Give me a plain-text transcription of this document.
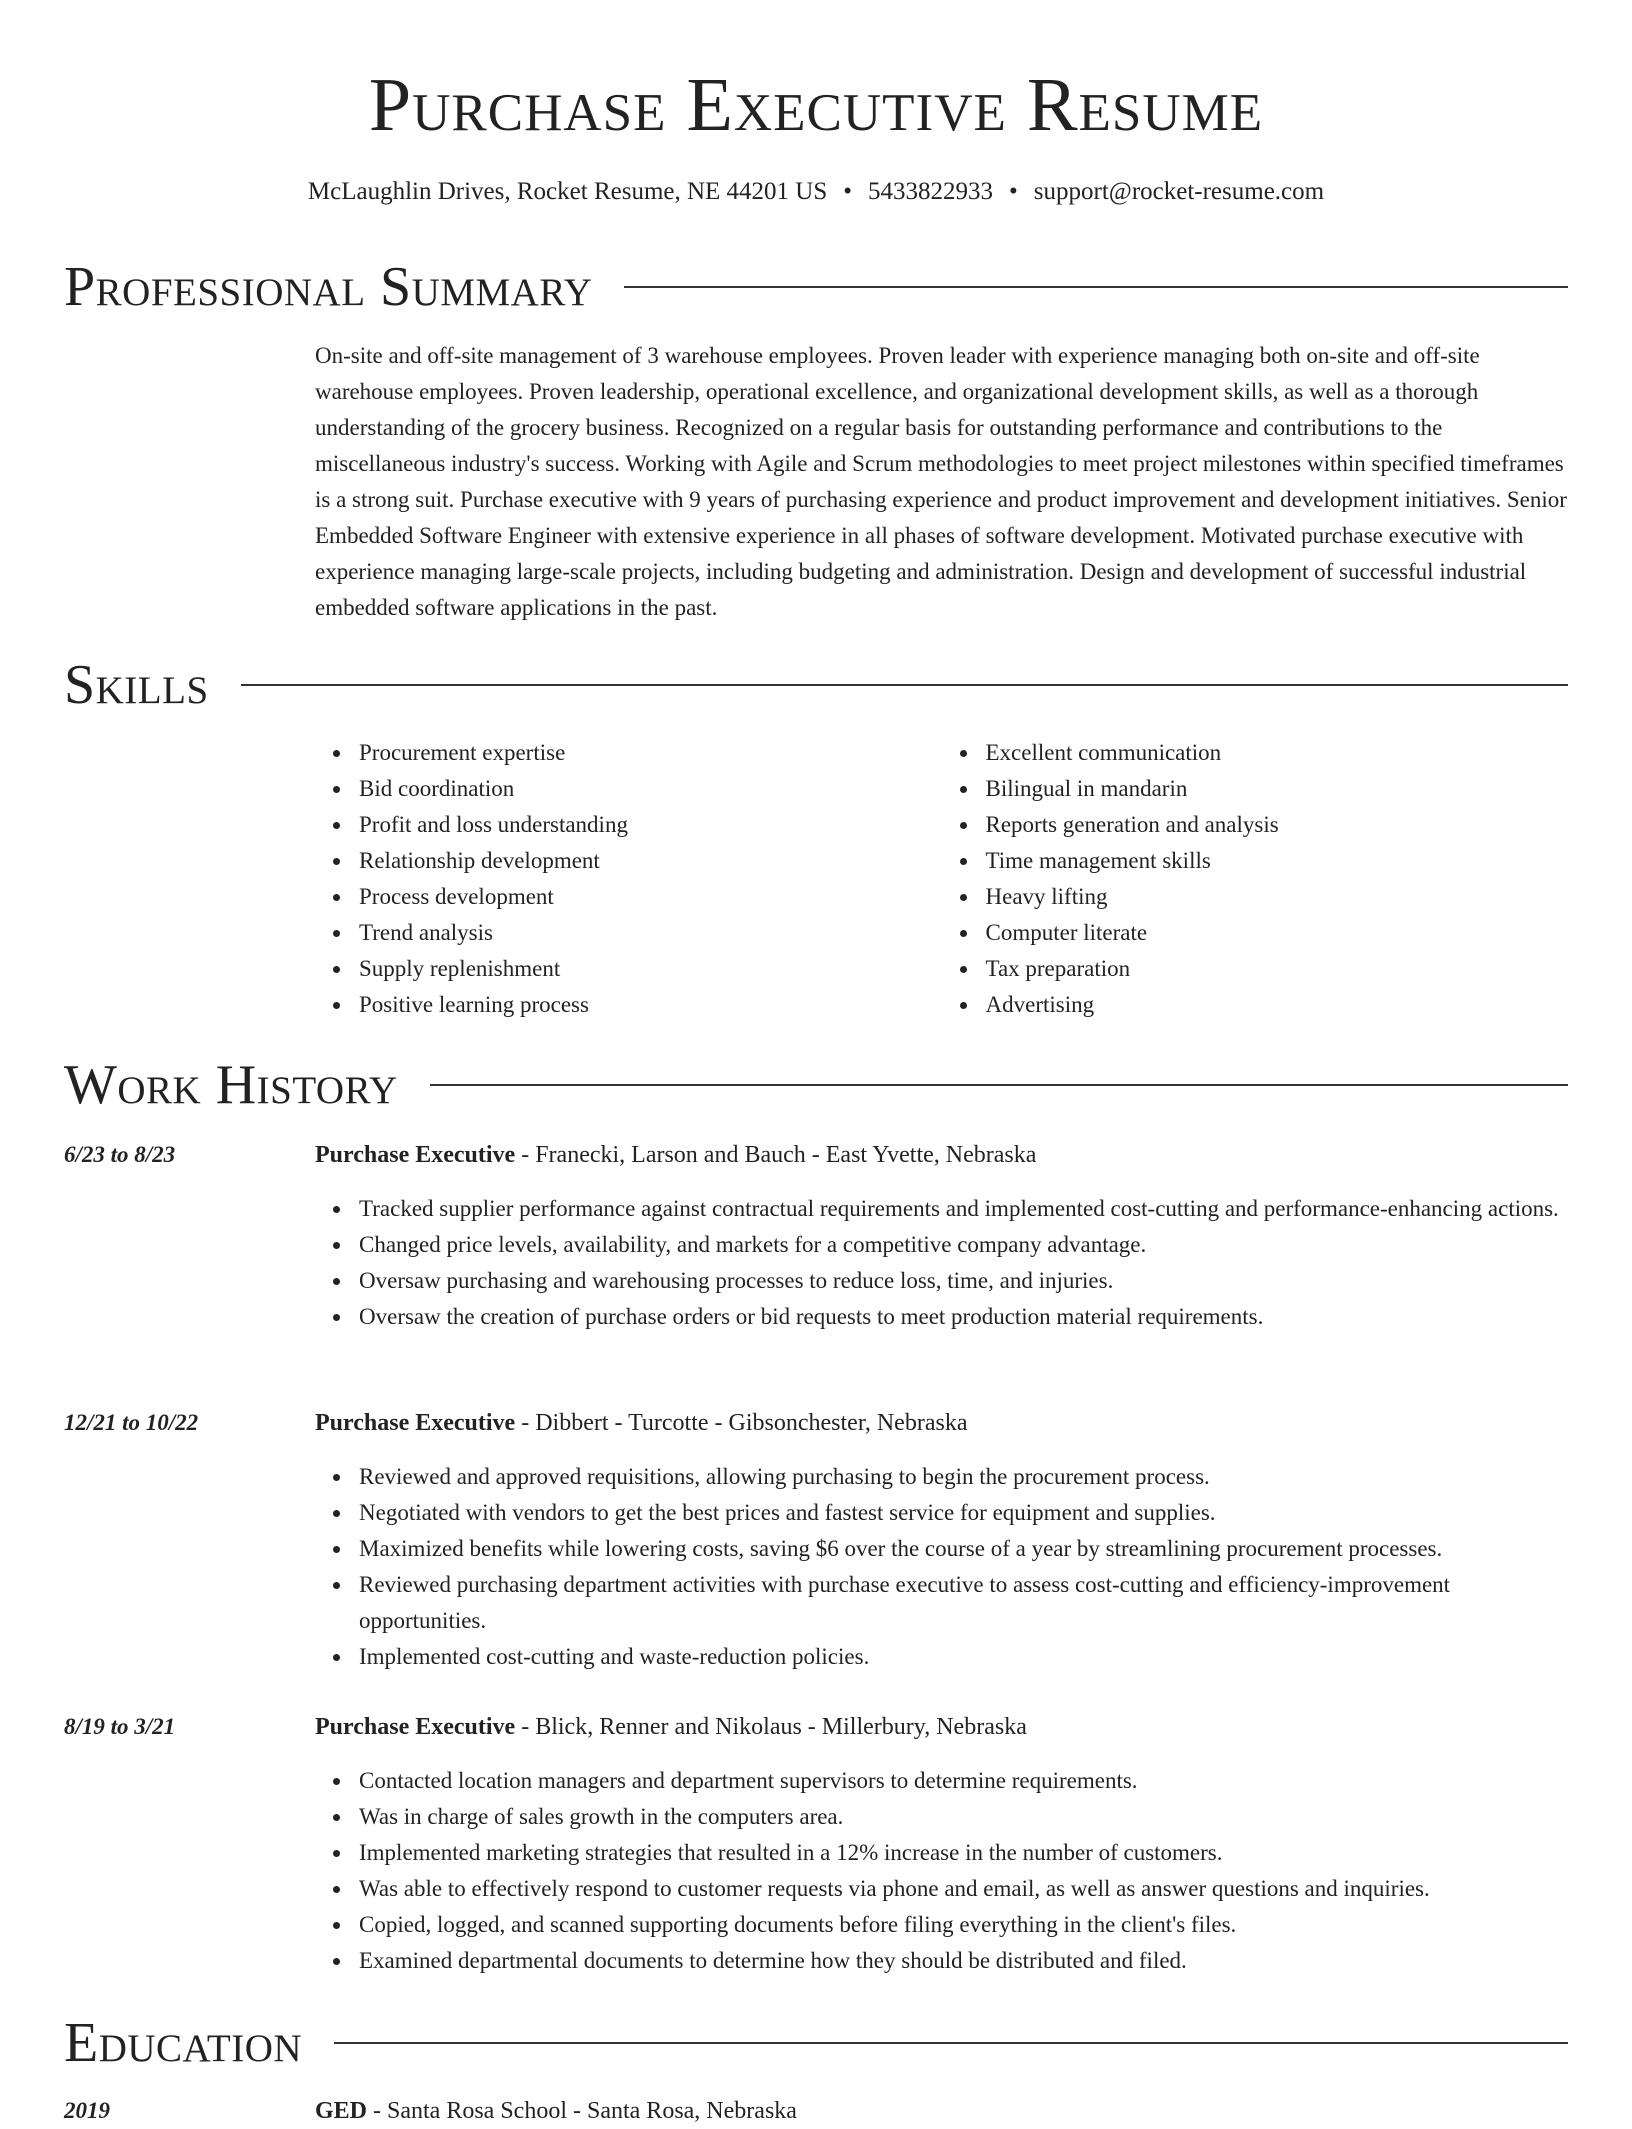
Purchase Executive Resume
McLaughlin Drives, Rocket Resume, NE 44201 US • 5433822933 • support@rocket-resume.com
Professional Summary

On-site and off-site management of 3 warehouse employees. Proven leader with experience managing both on-site and off-site warehouse employees. Proven leadership, operational excellence, and organizational development skills, as well as a thorough understanding of the grocery business. Recognized on a regular basis for outstanding performance and contributions to the miscellaneous industry's success. Working with Agile and Scrum methodologies to meet project milestones within specified timeframes is a strong suit. Purchase executive with 9 years of purchasing experience and product improvement and development initiatives. Senior Embedded Software Engineer with extensive experience in all phases of software development. Motivated purchase executive with experience managing large-scale projects, including budgeting and administration. Design and development of successful industrial embedded software applications in the past.

Skills
Procurement expertise
Bid coordination
Profit and loss understanding
Relationship development
Process development
Trend analysis
Supply replenishment
Positive learning process
Excellent communication
Bilingual in mandarin
Reports generation and analysis
Time management skills
Heavy lifting
Computer literate
Tax preparation
Advertising
Work History
6/23 to 8/23	Purchase Executive - Franecki, Larson and Bauch - East Yvette, Nebraska
Tracked supplier performance against contractual requirements and implemented cost-cutting and performance-enhancing actions.
Changed price levels, availability, and markets for a competitive company advantage.
Oversaw purchasing and warehousing processes to reduce loss, time, and injuries.
Oversaw the creation of purchase orders or bid requests to meet production material requirements.
12/21 to 10/22	Purchase Executive - Dibbert - Turcotte - Gibsonchester, Nebraska
Reviewed and approved requisitions, allowing purchasing to begin the procurement process.
Negotiated with vendors to get the best prices and fastest service for equipment and supplies.
Maximized benefits while lowering costs, saving $6 over the course of a year by streamlining procurement processes.
Reviewed purchasing department activities with purchase executive to assess cost-cutting and efficiency-improvement opportunities.
Implemented cost-cutting and waste-reduction policies.
8/19 to 3/21	Purchase Executive - Blick, Renner and Nikolaus - Millerbury, Nebraska
Contacted location managers and department supervisors to determine requirements.
Was in charge of sales growth in the computers area.
Implemented marketing strategies that resulted in a 12% increase in the number of customers.
Was able to effectively respond to customer requests via phone and email, as well as answer questions and inquiries.
Copied, logged, and scanned supporting documents before filing everything in the client's files.
Examined departmental documents to determine how they should be distributed and filed.
Education
2019	GED - Santa Rosa School - Santa Rosa, Nebraska
